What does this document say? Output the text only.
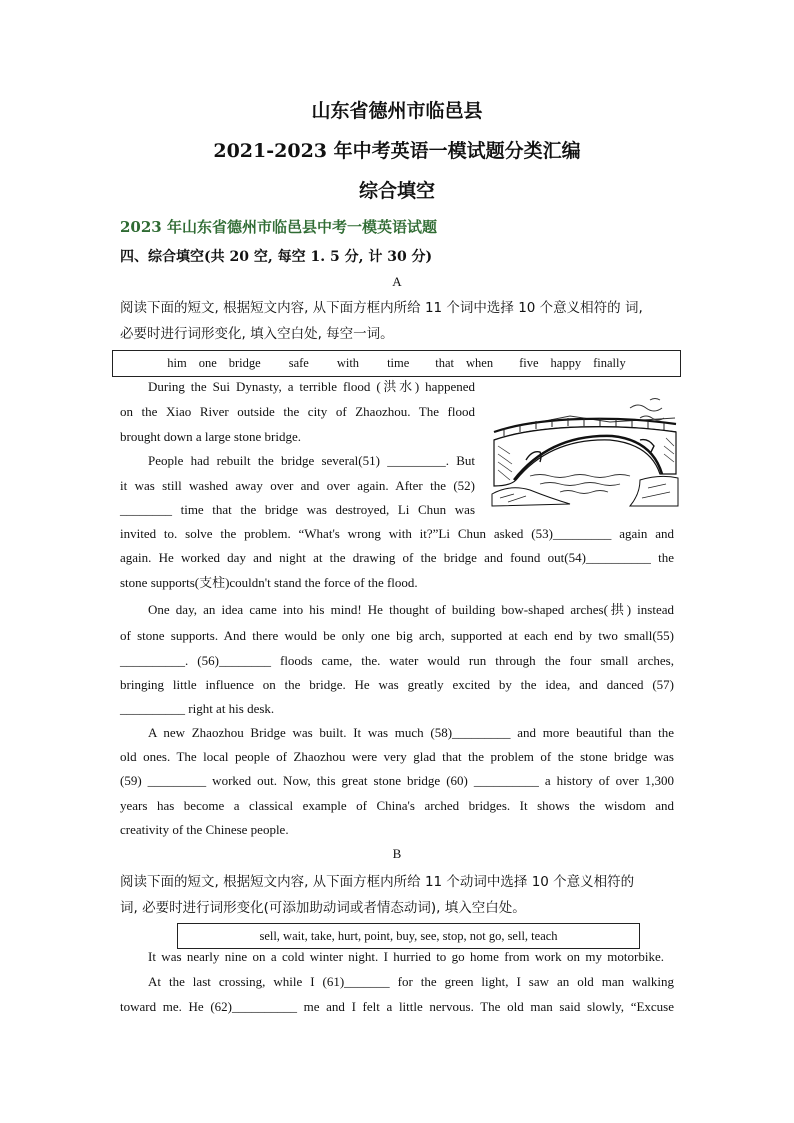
山东省德州市临邑县
2021-2023 年中考英语一模试题分类汇编
综合填空
2023 年山东省德州市临邑县中考一模英语试题
四、综合填空(共 20 空, 每空 1. 5 分, 计 30 分)
A
阅读下面的短文, 根据短文内容, 从下面方框内所给 11 个词中选择 10 个意义相符的 词,
必要时进行词形变化, 填入空白处, 每空一词。
him one bridge safe with time that when five happy finally
During the Sui Dynasty, a terrible flood (洪水) happened
on the Xiao River outside the city of Zhaozhou. The flood
brought down a large stone bridge.
People had rebuilt the bridge several(51) _________. But
it was still washed away over and over again. After the (52)
________ time that the bridge was destroyed, Li Chun was
invited to. solve the problem. “What's wrong with it?”Li Chun asked (53)_________ again and
again. He worked day and night at the drawing of the bridge and found out(54)__________ the
stone supports(支柱)couldn't stand the force of the flood.
One day, an idea came into his mind! He thought of building bow-shaped arches(拱) instead
of stone supports. And there would be only one big arch, supported at each end by two small(55)
__________. (56)________ floods came, the. water would run through the four small arches,
bringing little influence on the bridge. He was greatly excited by the idea, and danced (57)
__________ right at his desk.
A new Zhaozhou Bridge was built. It was much (58)_________ and more beautiful than the
old ones. The local people of Zhaozhou were very glad that the problem of the stone bridge was
(59) _________ worked out. Now, this great stone bridge (60) __________ a history of over 1,300
years has become a classical example of China's arched bridges. It shows the wisdom and
creativity of the Chinese people.
B
阅读下面的短文, 根据短文内容, 从下面方框内所给 11 个动词中选择 10 个意义相符的
词, 必要时进行词形变化(可添加助动词或者情态动词), 填入空白处。
sell, wait, take, hurt, point, buy, see, stop, not go, sell, teach
It was nearly nine on a cold winter night. I hurried to go home from work on my motorbike.
At the last crossing, while I (61)_______ for the green light, I saw an old man walking
toward me. He (62)__________ me and I felt a little nervous. The old man said slowly, “Excuse
